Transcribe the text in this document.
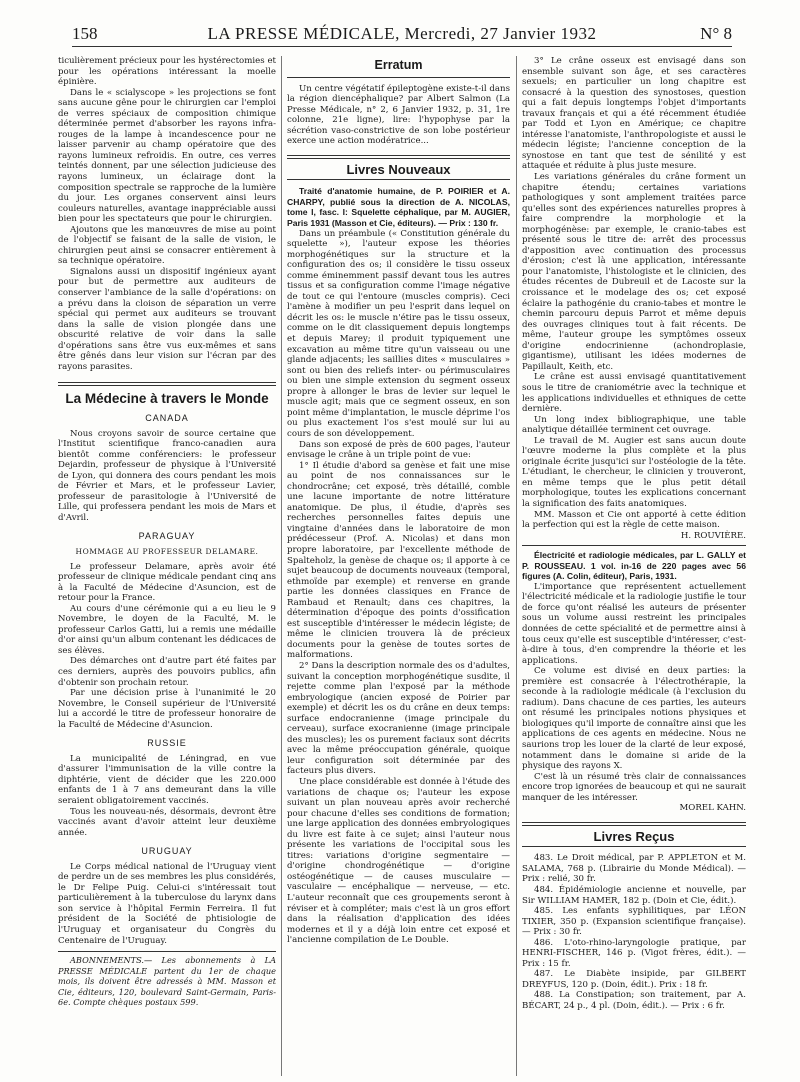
158	LA PRESSE MÉDICALE, Mercredi, 27 Janvier 1932	N° 8

ticulièrement précieux pour les hystérectomies et pour les opérations intéressant la moelle épinière.

Dans le « scialyscope » les projections se font sans aucune gêne pour le chirurgien car l'emploi de verres spéciaux de composition chimique déterminée permet d'absorber les rayons infra-rouges de la lampe à incandescence pour ne laisser parvenir au champ opératoire que des rayons lumineux refroidis. En outre, ces verres teintés donnent, par une sélection judicieuse des rayons lumineux, un éclairage dont la composition spectrale se rapproche de la lumière du jour. Les organes conservent ainsi leurs couleurs naturelles, avantage inappréciable aussi bien pour les spectateurs que pour le chirurgien.

Ajoutons que les manœuvres de mise au point de l'objectif se faisant de la salle de vision, le chirurgien peut ainsi se consacrer entièrement à sa technique opératoire.

Signalons aussi un dispositif ingénieux ayant pour but de permettre aux auditeurs de conserver l'ambiance de la salle d'opérations: on a prévu dans la cloison de séparation un verre spécial qui permet aux auditeurs se trouvant dans la salle de vision plongée dans une obscurité relative de voir dans la salle d'opérations sans être vus eux-mêmes et sans être gênés dans leur vision sur l'écran par des rayons parasites.

La Médecine à travers le Monde
CANADA

Nous croyons savoir de source certaine que l'Institut scientifique franco-canadien aura bientôt comme conférenciers: le professeur Dejardin, professeur de physique à l'Université de Lyon, qui donnera des cours pendant les mois de Février et Mars, et le professeur Lavier, professeur de parasitologie à l'Université de Lille, qui professera pendant les mois de Mars et d'Avril.

PARAGUAY
HOMMAGE AU PROFESSEUR DELAMARE.

Le professeur Delamare, après avoir été professeur de clinique médicale pendant cinq ans à la Faculté de Médecine d'Asuncion, est de retour pour la France.

Au cours d'une cérémonie qui a eu lieu le 9 Novembre, le doyen de la Faculté, M. le professeur Carlos Gatti, lui a remis une médaille d'or ainsi qu'un album contenant les dédicaces de ses élèves.

Des démarches ont d'autre part été faites par ces derniers, auprès des pouvoirs publics, afin d'obtenir son prochain retour.

Par une décision prise à l'unanimité le 20 Novembre, le Conseil supérieur de l'Université lui a accordé le titre de professeur honoraire de la Faculté de Médecine d'Asuncion.

RUSSIE

La municipalité de Léningrad, en vue d'assurer l'immunisation de la ville contre la diphtérie, vient de décider que les 220.000 enfants de 1 à 7 ans demeurant dans la ville seraient obligatoirement vaccinés.

Tous les nouveau-nés, désormais, devront être vaccinés avant d'avoir atteint leur deuxième année.

URUGUAY

Le Corps médical national de l'Uruguay vient de perdre un de ses membres les plus considérés, le Dr Felipe Puig. Celui-ci s'intéressait tout particulièrement à la tuberculose du larynx dans son service à l'hôpital Fermin Ferreira. Il fut président de la Société de phtisiologie de l'Uruguay et organisateur du Congrès du Centenaire de l'Uruguay.

ABONNEMENTS.— Les abonnements à LA PRESSE MÉDICALE partent du 1er de chaque mois, ils doivent être adressés à MM. Masson et Cie, éditeurs, 120, boulevard Saint-Germain, Paris-6e. Compte chèques postaux 599.

Erratum

Un centre végétatif épileptogène existe-t-il dans la région diencéphalique? par Albert Salmon (La Presse Médicale, n° 2, 6 Janvier 1932, p. 31, 1re colonne, 21e ligne), lire: l'hypophyse par la sécrétion vaso-constrictive de son lobe postérieur exerce une action modératrice...

Livres Nouveaux

Traité d'anatomie humaine, de P. POIRIER et A. CHARPY, publié sous la direction de A. NICOLAS, tome I, fasc. I: Squelette céphalique, par M. AUGIER, Paris 1931 (Masson et Cie, éditeurs). — Prix : 130 fr.

Dans un préambule (« Constitution générale du squelette »), l'auteur expose les théories morphogénétiques sur la structure et la configuration des os; il considère le tissu osseux comme éminemment passif devant tous les autres tissus et sa configuration comme l'image négative de tout ce qui l'entoure (muscles compris). Ceci l'amène à modifier un peu l'esprit dans lequel on décrit les os: le muscle n'étire pas le tissu osseux, comme on le dit classiquement depuis longtemps et depuis Marey; il produit typiquement une excavation au même titre qu'un vaisseau ou une glande adjacents; les saillies dites « musculaires » sont ou bien des reliefs inter- ou périmusculaires ou bien une simple extension du segment osseux propre à allonger le bras de levier sur lequel le muscle agit; mais que ce segment osseux, en son point même d'implantation, le muscle déprime l'os ou plus exactement l'os s'est moulé sur lui au cours de son développement.

Dans son exposé de près de 600 pages, l'auteur envisage le crâne à un triple point de vue:

1° Il étudie d'abord sa genèse et fait une mise au point de nos connaissances sur le chondrocrâne; cet exposé, très détaillé, comble une lacune importante de notre littérature anatomique. De plus, il étudie, d'après ses recherches personnelles faites depuis une vingtaine d'années dans le laboratoire de mon prédécesseur (Prof. A. Nicolas) et dans mon propre laboratoire, par l'excellente méthode de Spalteholz, la genèse de chaque os; il apporte à ce sujet beaucoup de documents nouveaux (temporal, ethmoïde par exemple) et renverse en grande partie les données classiques en France de Rambaud et Renault; dans ces chapitres, la détermination d'époque des points d'ossification est susceptible d'intéresser le médecin légiste; de même le clinicien trouvera là de précieux documents pour la genèse de toutes sortes de malformations.

2° Dans la description normale des os d'adultes, suivant la conception morphogénétique susdite, il rejette comme plan l'exposé par la méthode embryologique (ancien exposé de Poirier par exemple) et décrit les os du crâne en deux temps: surface endocranienne (image principale du cerveau), surface exocranienne (image principale des muscles); les os purement faciaux sont décrits avec la même préoccupation générale, quoique leur configuration soit déterminée par des facteurs plus divers.

Une place considérable est donnée à l'étude des variations de chaque os; l'auteur les expose suivant un plan nouveau après avoir recherché pour chacune d'elles ses conditions de formation; une large application des données embryologiques du livre est faite à ce sujet; ainsi l'auteur nous présente les variations de l'occipital sous les titres: variations d'origine segmentaire — d'origine chondrogénétique — d'origine ostéogénétique — de causes musculaire — vasculaire — encéphalique — nerveuse, — etc. L'auteur reconnaît que ces groupements seront à réviser et à compléter; mais c'est là un gros effort dans la réalisation d'application des idées modernes et il y a déjà loin entre cet exposé et l'ancienne compilation de Le Double.

3° Le crâne osseux est envisagé dans son ensemble suivant son âge, et ses caractères sexuels; en particulier un long chapitre est consacré à la question des synostoses, question qui a fait depuis longtemps l'objet d'importants travaux français et qui a été récemment étudiée par Todd et Lyon en Amérique; ce chapitre intéresse l'anatomiste, l'anthropologiste et aussi le médecin légiste; l'ancienne conception de la synostose en tant que test de sénilité y est attaquée et réduite à plus juste mesure.

Les variations générales du crâne forment un chapitre étendu; certaines variations pathologiques y sont amplement traitées parce qu'elles sont des expériences naturelles propres à faire comprendre la morphologie et la morphogénèse: par exemple, le cranio-tabes est présenté sous le titre de: arrêt des processus d'apposition avec continuation des processus d'érosion; c'est là une application, intéressante pour l'anatomiste, l'histologiste et le clinicien, des études récentes de Dubreuil et de Lacoste sur la croissance et le modelage des os; cet exposé éclaire la pathogénie du cranio-tabes et montre le chemin parcouru depuis Parrot et même depuis des ouvrages cliniques tout à fait récents. De même, l'auteur groupe les symptômes osseux d'origine endocrinienne (achondroplasie, gigantisme), utilisant les idées modernes de Papillault, Keith, etc.

Le crâne est aussi envisagé quantitativement sous le titre de craniométrie avec la technique et les applications individuelles et ethniques de cette dernière.

Un long index bibliographique, une table analytique détaillée terminent cet ouvrage.

Le travail de M. Augier est sans aucun doute l'œuvre moderne la plus complète et la plus originale écrite jusqu'ici sur l'ostéologie de la tête. L'étudiant, le chercheur, le clinicien y trouveront, en même temps que le plus petit détail morphologique, toutes les explications concernant la signification des faits anatomiques.

MM. Masson et Cie ont apporté à cette édition la perfection qui est la règle de cette maison.

H. ROUVIÈRE.

Électricité et radiologie médicales, par L. GALLY et P. ROUSSEAU. 1 vol. in-16 de 220 pages avec 56 figures (A. Colin, éditeur), Paris, 1931.

L'importance que représentent actuellement l'électricité médicale et la radiologie justifie le tour de force qu'ont réalisé les auteurs de présenter sous un volume aussi restreint les principales données de cette spécialité et de permettre ainsi à tous ceux qu'elle est susceptible d'intéresser, c'est-à-dire à tous, d'en comprendre la théorie et les applications.

Ce volume est divisé en deux parties: la première est consacrée à l'électrothérapie, la seconde à la radiologie médicale (à l'exclusion du radium). Dans chacune de ces parties, les auteurs ont résumé les principales notions physiques et biologiques qu'il importe de connaître ainsi que les applications de ces agents en médecine. Nous ne saurions trop les louer de la clarté de leur exposé, notamment dans le domaine si aride de la physique des rayons X.

C'est là un résumé très clair de connaissances encore trop ignorées de beaucoup et qui ne saurait manquer de les intéresser.

MOREL KAHN.

Livres Reçus

483. Le Droit médical, par P. APPLETON et M. SALAMA, 768 p. (Librairie du Monde Médical). — Prix : relié, 30 fr.

484. Épidémiologie ancienne et nouvelle, par Sir WILLIAM HAMER, 182 p. (Doin et Cie, édit.).

485. Les enfants syphilitiques, par LÉON TIXIER, 350 p. (Expansion scientifique française). — Prix : 30 fr.

486. L'oto-rhino-laryngologie pratique, par HENRI-FISCHER, 146 p. (Vigot frères, édit.). — Prix : 15 fr.

487. Le Diabète insipide, par GILBERT DREYFUS, 120 p. (Doin, édit.). Prix : 18 fr.

488. La Constipation; son traitement, par A. BÉCART, 24 p., 4 pl. (Doin, édit.). — Prix : 6 fr.
